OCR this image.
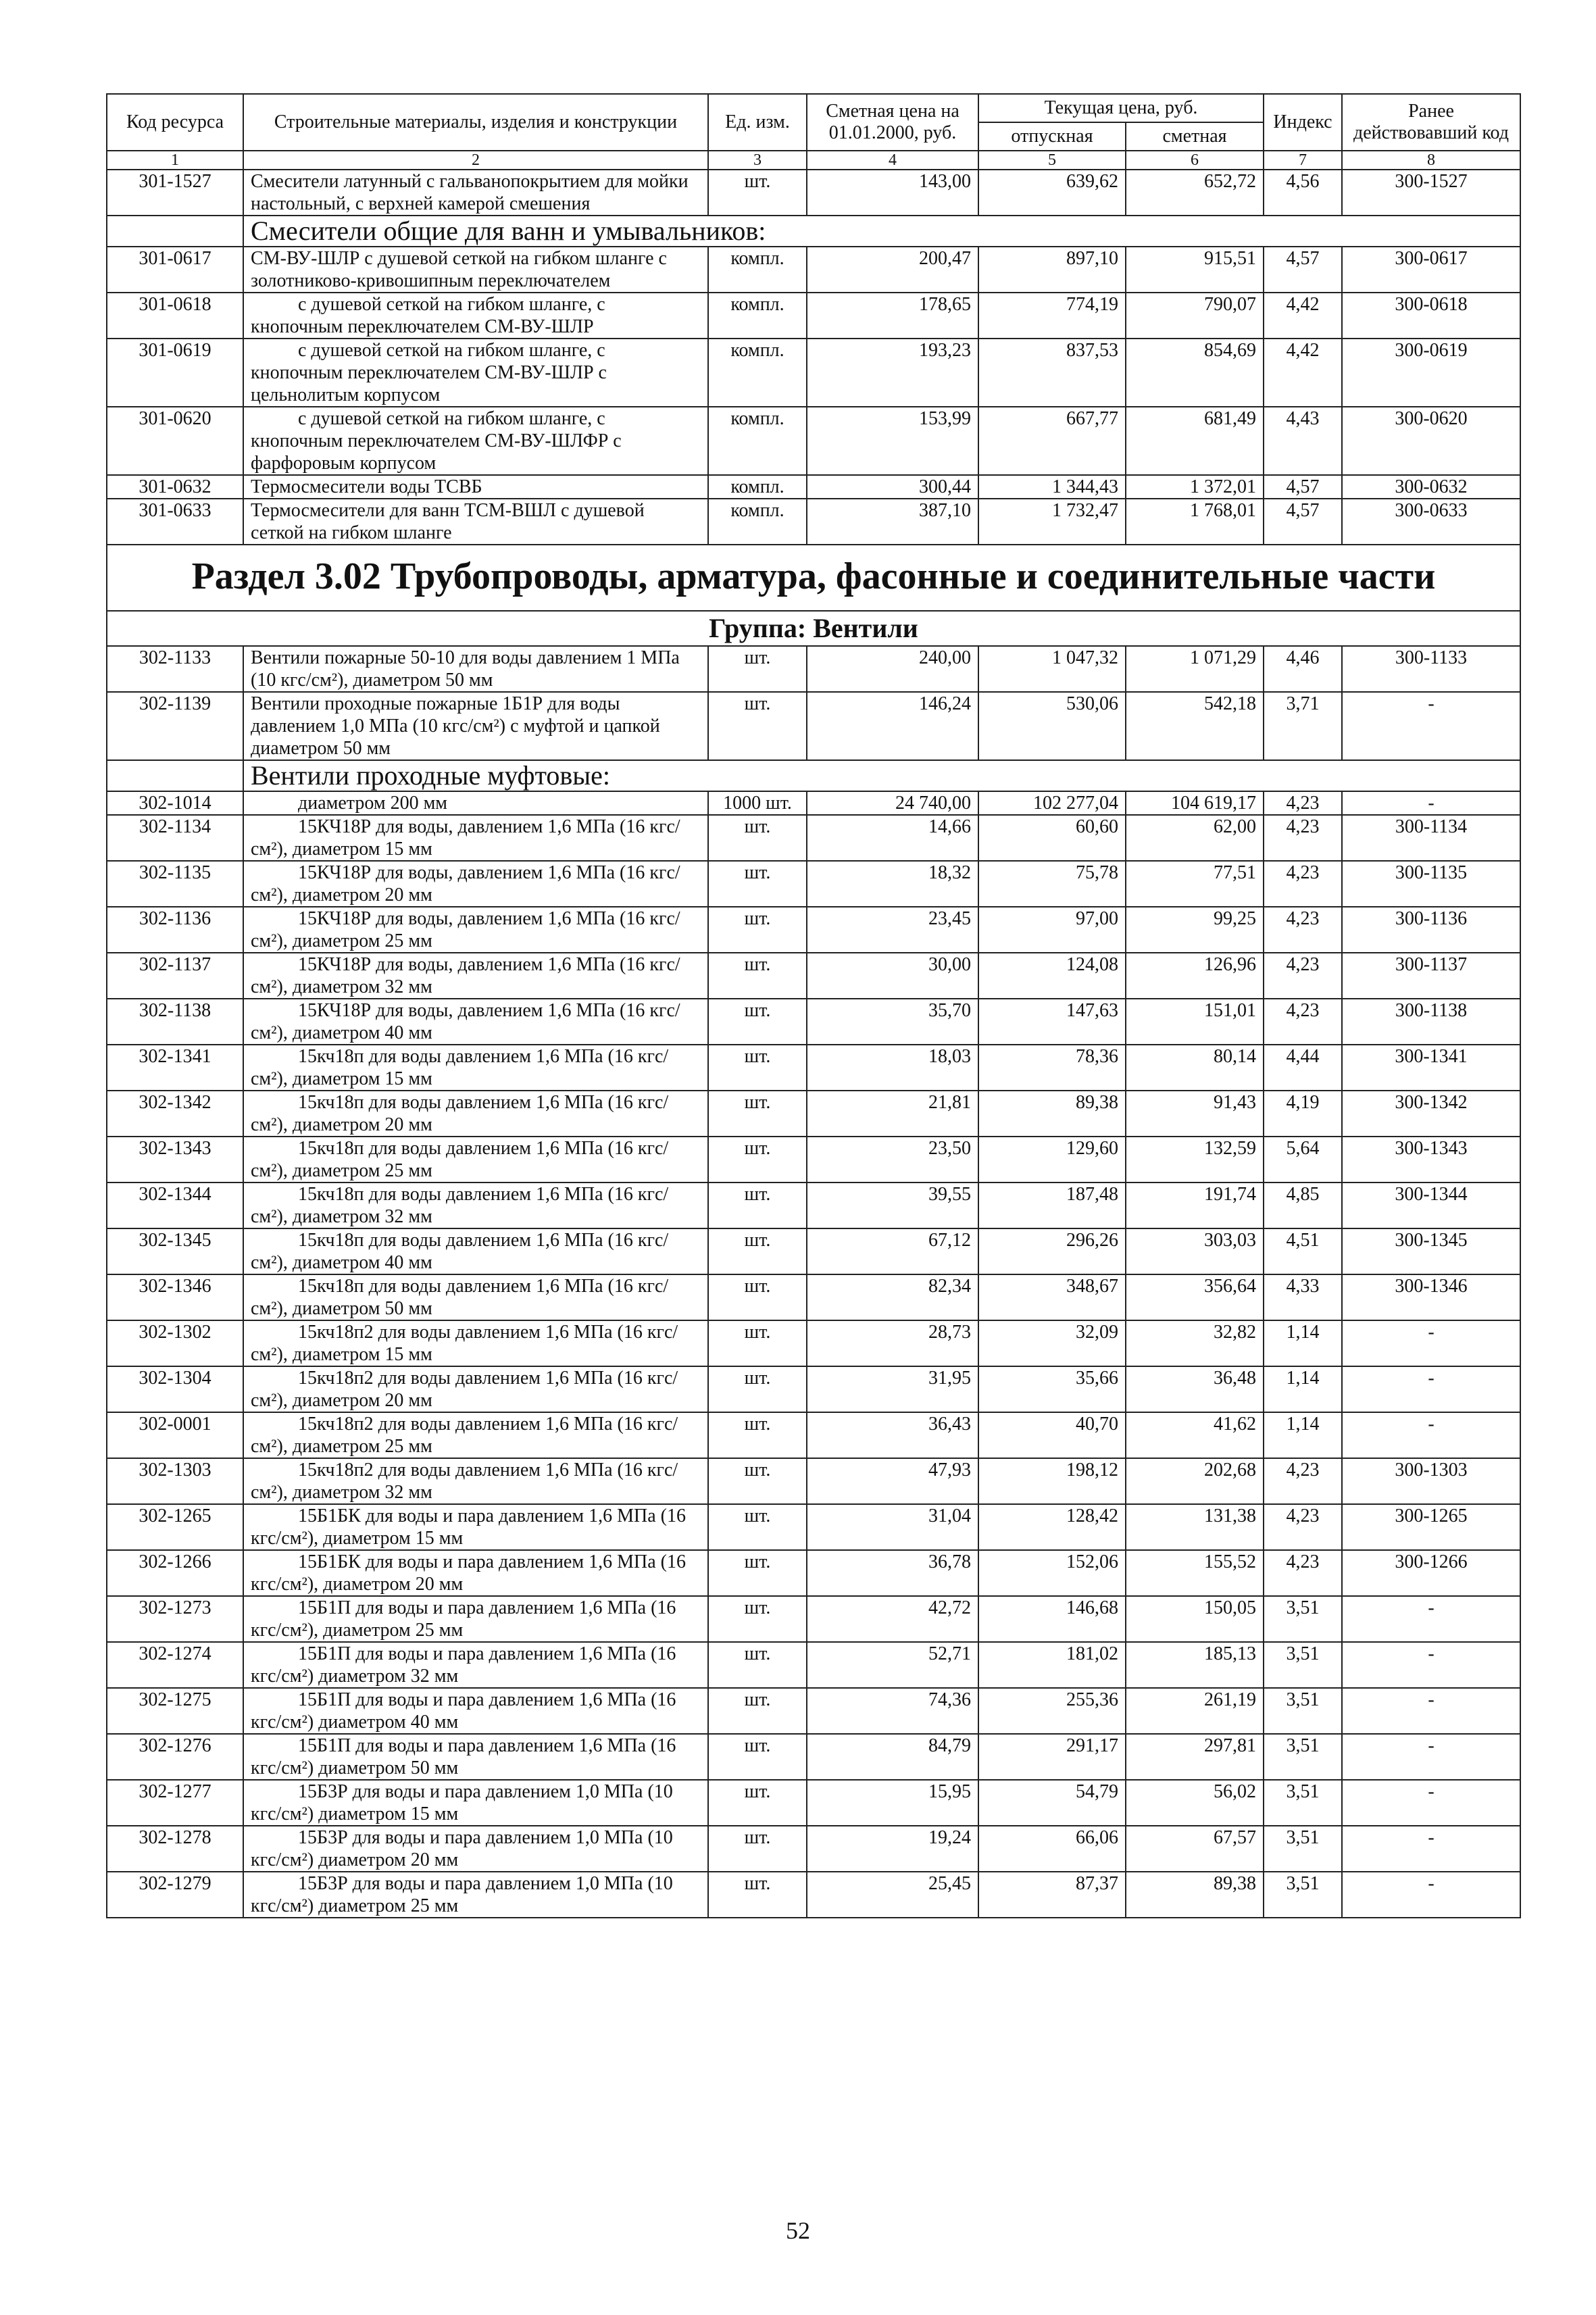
Код ресурса	Строительные материалы, изделия и конструкции	Ед. изм.	Сметная цена на 01.01.2000, руб.	Текущая цена, руб.		Индекс	Ранее действовавший код
				отпускная	сметная		
1	2	3	4	5	6	7	8
301-1527	Смесители латунный с гальванопокрытием для мойки настольный, с верхней камерой смешения	шт.	143,00	639,62	652,72	4,56	300-1527
	Смесители общие для ванн и умывальников:						
301-0617	СМ-ВУ-ШЛР с душевой сеткой на гибком шланге с золотниково-кривошипным переключателем	компл.	200,47	897,10	915,51	4,57	300-0617
301-0618	с душевой сеткой на гибком шланге, с кнопочным переключателем СМ-ВУ-ШЛР	компл.	178,65	774,19	790,07	4,42	300-0618
301-0619	с душевой сеткой на гибком шланге, с кнопочным переключателем СМ-ВУ-ШЛР с цельнолитым корпусом	компл.	193,23	837,53	854,69	4,42	300-0619
301-0620	с душевой сеткой на гибком шланге, с кнопочным переключателем СМ-ВУ-ШЛФР с фарфоровым корпусом	компл.	153,99	667,77	681,49	4,43	300-0620
301-0632	Термосмесители воды ТСВБ	компл.	300,44	1 344,43	1 372,01	4,57	300-0632
301-0633	Термосмесители для ванн ТСМ-ВШЛ с душевой сеткой на гибком шланге	компл.	387,10	1 732,47	1 768,01	4,57	300-0633
Раздел 3.02 Трубопроводы, арматура, фасонные и соединительные части							
Группа: Вентили							
302-1133	Вентили пожарные 50-10 для воды давлением 1 МПа (10 кгс/см²), диаметром 50 мм	шт.	240,00	1 047,32	1 071,29	4,46	300-1133
302-1139	Вентили проходные пожарные 1Б1Р для воды давлением 1,0 МПа (10 кгс/см²) с муфтой и цапкой диаметром 50 мм	шт.	146,24	530,06	542,18	3,71	-
	Вентили проходные муфтовые:						
302-1014	диаметром 200 мм	1000 шт.	24 740,00	102 277,04	104 619,17	4,23	-
302-1134	15КЧ18Р для воды, давлением 1,6 МПа (16 кгс/см²), диаметром 15 мм	шт.	14,66	60,60	62,00	4,23	300-1134
302-1135	15КЧ18Р для воды, давлением 1,6 МПа (16 кгс/см²), диаметром 20 мм	шт.	18,32	75,78	77,51	4,23	300-1135
302-1136	15КЧ18Р для воды, давлением 1,6 МПа (16 кгс/см²), диаметром 25 мм	шт.	23,45	97,00	99,25	4,23	300-1136
302-1137	15КЧ18Р для воды, давлением 1,6 МПа (16 кгс/см²), диаметром 32 мм	шт.	30,00	124,08	126,96	4,23	300-1137
302-1138	15КЧ18Р для воды, давлением 1,6 МПа (16 кгс/см²), диаметром 40 мм	шт.	35,70	147,63	151,01	4,23	300-1138
302-1341	15кч18п для воды давлением 1,6 МПа (16 кгс/см²), диаметром 15 мм	шт.	18,03	78,36	80,14	4,44	300-1341
302-1342	15кч18п для воды давлением 1,6 МПа (16 кгс/см²), диаметром 20 мм	шт.	21,81	89,38	91,43	4,19	300-1342
302-1343	15кч18п для воды давлением 1,6 МПа (16 кгс/см²), диаметром 25 мм	шт.	23,50	129,60	132,59	5,64	300-1343
302-1344	15кч18п для воды давлением 1,6 МПа (16 кгс/см²), диаметром 32 мм	шт.	39,55	187,48	191,74	4,85	300-1344
302-1345	15кч18п для воды давлением 1,6 МПа (16 кгс/см²), диаметром 40 мм	шт.	67,12	296,26	303,03	4,51	300-1345
302-1346	15кч18п для воды давлением 1,6 МПа (16 кгс/см²), диаметром 50 мм	шт.	82,34	348,67	356,64	4,33	300-1346
302-1302	15кч18п2 для воды давлением 1,6 МПа (16 кгс/см²), диаметром 15 мм	шт.	28,73	32,09	32,82	1,14	-
302-1304	15кч18п2 для воды давлением 1,6 МПа (16 кгс/см²), диаметром 20 мм	шт.	31,95	35,66	36,48	1,14	-
302-0001	15кч18п2 для воды давлением 1,6 МПа (16 кгс/см²), диаметром 25 мм	шт.	36,43	40,70	41,62	1,14	-
302-1303	15кч18п2 для воды давлением 1,6 МПа (16 кгс/см²), диаметром 32 мм	шт.	47,93	198,12	202,68	4,23	300-1303
302-1265	15Б1БК для воды и пара давлением 1,6 МПа (16 кгс/см²), диаметром 15 мм	шт.	31,04	128,42	131,38	4,23	300-1265
302-1266	15Б1БК для воды и пара давлением 1,6 МПа (16 кгс/см²), диаметром 20 мм	шт.	36,78	152,06	155,52	4,23	300-1266
302-1273	15Б1П для воды и пара давлением 1,6 МПа (16 кгс/см²), диаметром 25 мм	шт.	42,72	146,68	150,05	3,51	-
302-1274	15Б1П для воды и пара давлением 1,6 МПа (16 кгс/см²) диаметром 32 мм	шт.	52,71	181,02	185,13	3,51	-
302-1275	15Б1П для воды и пара давлением 1,6 МПа (16 кгс/см²) диаметром 40 мм	шт.	74,36	255,36	261,19	3,51	-
302-1276	15Б1П для воды и пара давлением 1,6 МПа (16 кгс/см²) диаметром 50 мм	шт.	84,79	291,17	297,81	3,51	-
302-1277	15Б3Р для воды и пара давлением 1,0 МПа (10 кгс/см²) диаметром 15 мм	шт.	15,95	54,79	56,02	3,51	-
302-1278	15Б3Р для воды и пара давлением 1,0 МПа (10 кгс/см²) диаметром 20 мм	шт.	19,24	66,06	67,57	3,51	-
302-1279	15Б3Р для воды и пара давлением 1,0 МПа (10 кгс/см²) диаметром 25 мм	шт.	25,45	87,37	89,38	3,51	-
52
